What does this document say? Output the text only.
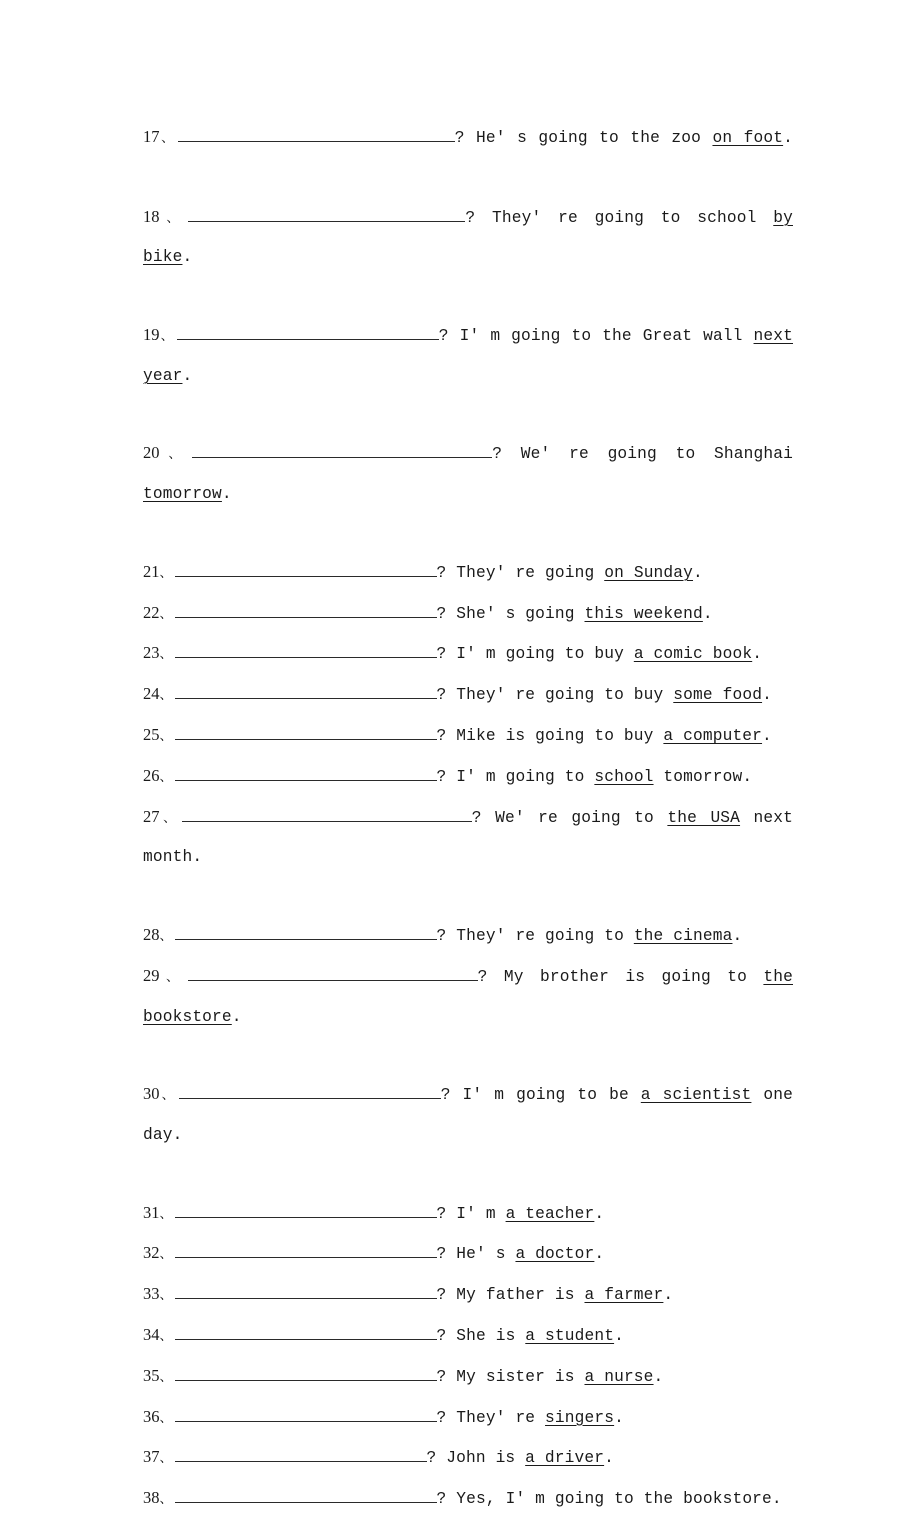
17、	? He' s going to the zoo on foot.
18、	? They' re going to school by bike.
19、	? I' m going to the Great wall next year.
20、	? We' re going to Shanghai tomorrow.
21、	? They' re going on Sunday.
22、	? She' s going this weekend.
23、	? I' m going to buy a comic book.
24、	? They' re going to buy some food.
25、	? Mike is going to buy a computer.
26、	? I' m going to school tomorrow.
27、	? We' re going to the USA next month.
28、	? They' re going to the cinema.
29、	? My brother is going to the bookstore.
30、	? I' m going to be a scientist one day.
31、	? I' m a teacher.
32、	? He' s a doctor.
33、	? My father is a farmer.
34、	? She is a student.
35、	? My sister is a nurse.
36、	? They' re singers.
37、	? John is a driver.
38、	? Yes, I' m going to the bookstore.
